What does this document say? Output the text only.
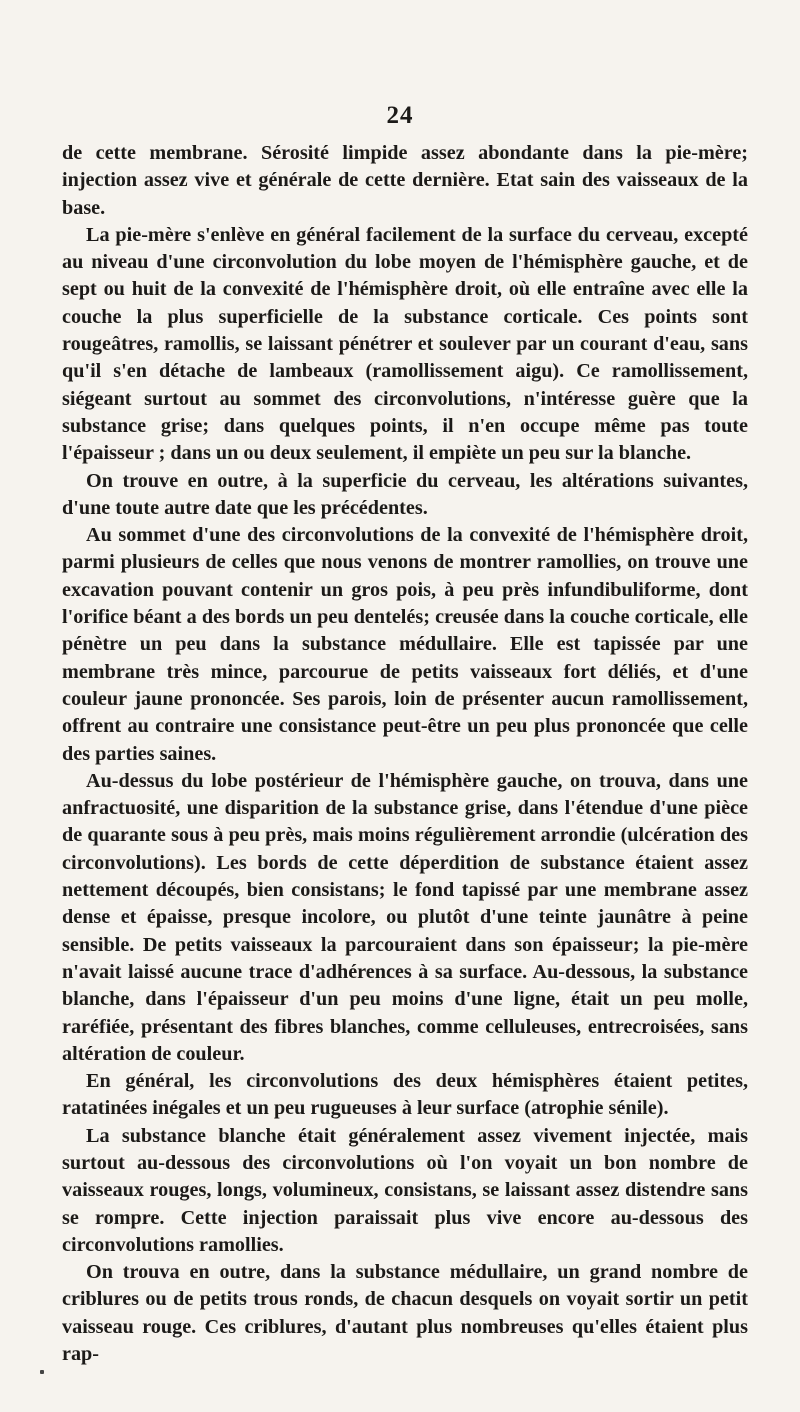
24

de cette membrane. Sérosité limpide assez abondante dans la pie-mère; injection assez vive et générale de cette dernière. Etat sain des vaisseaux de la base.

La pie-mère s'enlève en général facilement de la surface du cerveau, excepté au niveau d'une circonvolution du lobe moyen de l'hémisphère gauche, et de sept ou huit de la convexité de l'hémisphère droit, où elle entraîne avec elle la couche la plus superficielle de la substance corticale. Ces points sont rougeâtres, ramollis, se laissant pénétrer et soulever par un courant d'eau, sans qu'il s'en détache de lambeaux (ramollissement aigu). Ce ramollissement, siégeant surtout au sommet des circonvolutions, n'intéresse guère que la substance grise; dans quelques points, il n'en occupe même pas toute l'épaisseur ; dans un ou deux seulement, il empiète un peu sur la blanche.

On trouve en outre, à la superficie du cerveau, les altérations suivantes, d'une toute autre date que les précédentes.

Au sommet d'une des circonvolutions de la convexité de l'hémisphère droit, parmi plusieurs de celles que nous venons de montrer ramollies, on trouve une excavation pouvant contenir un gros pois, à peu près infundibuliforme, dont l'orifice béant a des bords un peu dentelés; creusée dans la couche corticale, elle pénètre un peu dans la substance médullaire. Elle est tapissée par une membrane très mince, parcourue de petits vaisseaux fort déliés, et d'une couleur jaune prononcée. Ses parois, loin de présenter aucun ramollissement, offrent au contraire une consistance peut-être un peu plus prononcée que celle des parties saines.

Au-dessus du lobe postérieur de l'hémisphère gauche, on trouva, dans une anfractuosité, une disparition de la substance grise, dans l'étendue d'une pièce de quarante sous à peu près, mais moins régulièrement arrondie (ulcération des circonvolutions). Les bords de cette déperdition de substance étaient assez nettement découpés, bien consistans; le fond tapissé par une membrane assez dense et épaisse, presque incolore, ou plutôt d'une teinte jaunâtre à peine sensible. De petits vaisseaux la parcouraient dans son épaisseur; la pie-mère n'avait laissé aucune trace d'adhérences à sa surface. Au-dessous, la substance blanche, dans l'épaisseur d'un peu moins d'une ligne, était un peu molle, raréfiée, présentant des fibres blanches, comme celluleuses, entrecroisées, sans altération de couleur.

En général, les circonvolutions des deux hémisphères étaient petites, ratatinées inégales et un peu rugueuses à leur surface (atrophie sénile).

La substance blanche était généralement assez vivement injectée, mais surtout au-dessous des circonvolutions où l'on voyait un bon nombre de vaisseaux rouges, longs, volumineux, consistans, se laissant assez distendre sans se rompre. Cette injection paraissait plus vive encore au-dessous des circonvolutions ramollies.

On trouva en outre, dans la substance médullaire, un grand nombre de criblures ou de petits trous ronds, de chacun desquels on voyait sortir un petit vaisseau rouge. Ces criblures, d'autant plus nombreuses qu'elles étaient plus rap-
